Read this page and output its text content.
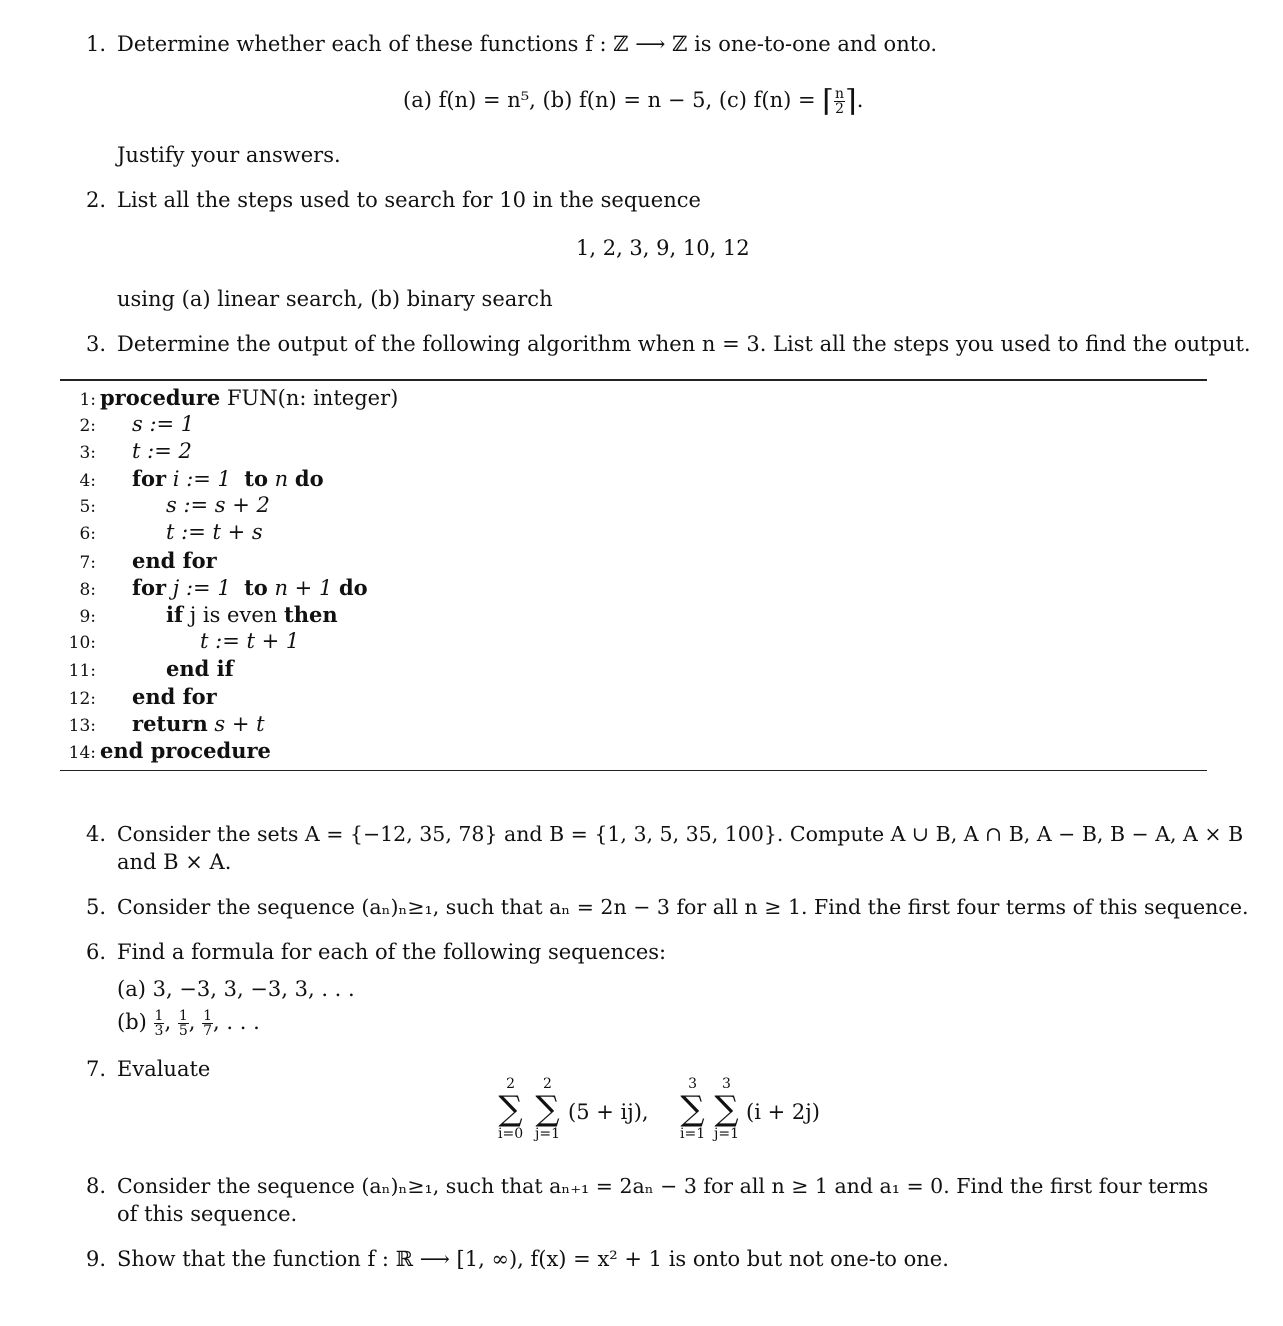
1. Determine whether each of these functions f : ℤ ⟶ ℤ is one-to-one and onto.
(a) f(n) = n⁵, (b) f(n) = n − 5, (c) f(n) = ⌈ $\frac{n}{2}$ ⌉.
Justify your answers.
2. List all the steps used to search for 10 in the sequence
1, 2, 3, 9, 10, 12
using (a) linear search, (b) binary search
3. Determine the output of the following algorithm when n = 3. List all the steps you used to find the output.
1: procedure FUN(n: integer)
2: s := 1
3: t := 2
4: for i := 1 to n do
5:	s := s + 2
6:	t := t + s
7: end for
8: for j := 1 to n + 1 do
9:	if j is even then
10:	t := t + 1
11:	end if
12: end for
13: return s + t
14: end procedure
4. Consider the sets A = {−12, 35, 78} and B = {1, 3, 5, 35, 100}. Compute A ∪ B, A ∩ B, A − B, B − A, A × B
and B × A.
5. Consider the sequence (aₙ)ₙ≥₁, such that aₙ = 2n − 3 for all n ≥ 1. Find the first four terms of this sequence.
6. Find a formula for each of the following sequences:
(a) 3, −3, 3, −3, 3, . . .
$(b) \frac{1}{3}$ , $\frac{1}{5}$ , $\frac{1}{7}$ , . . .
7. Evaluate
2
∑
i=0
2
∑
j=1
(5 + ij),
3
∑
i=1
3
∑
j=1
(i + 2j)
8. Consider the sequence (aₙ)ₙ≥₁, such that aₙ₊₁ = 2aₙ − 3 for all n ≥ 1 and a₁ = 0. Find the first four terms
of this sequence.
9. Show that the function f : ℝ ⟶ [1, ∞), f(x) = x² + 1 is onto but not one-to one.
